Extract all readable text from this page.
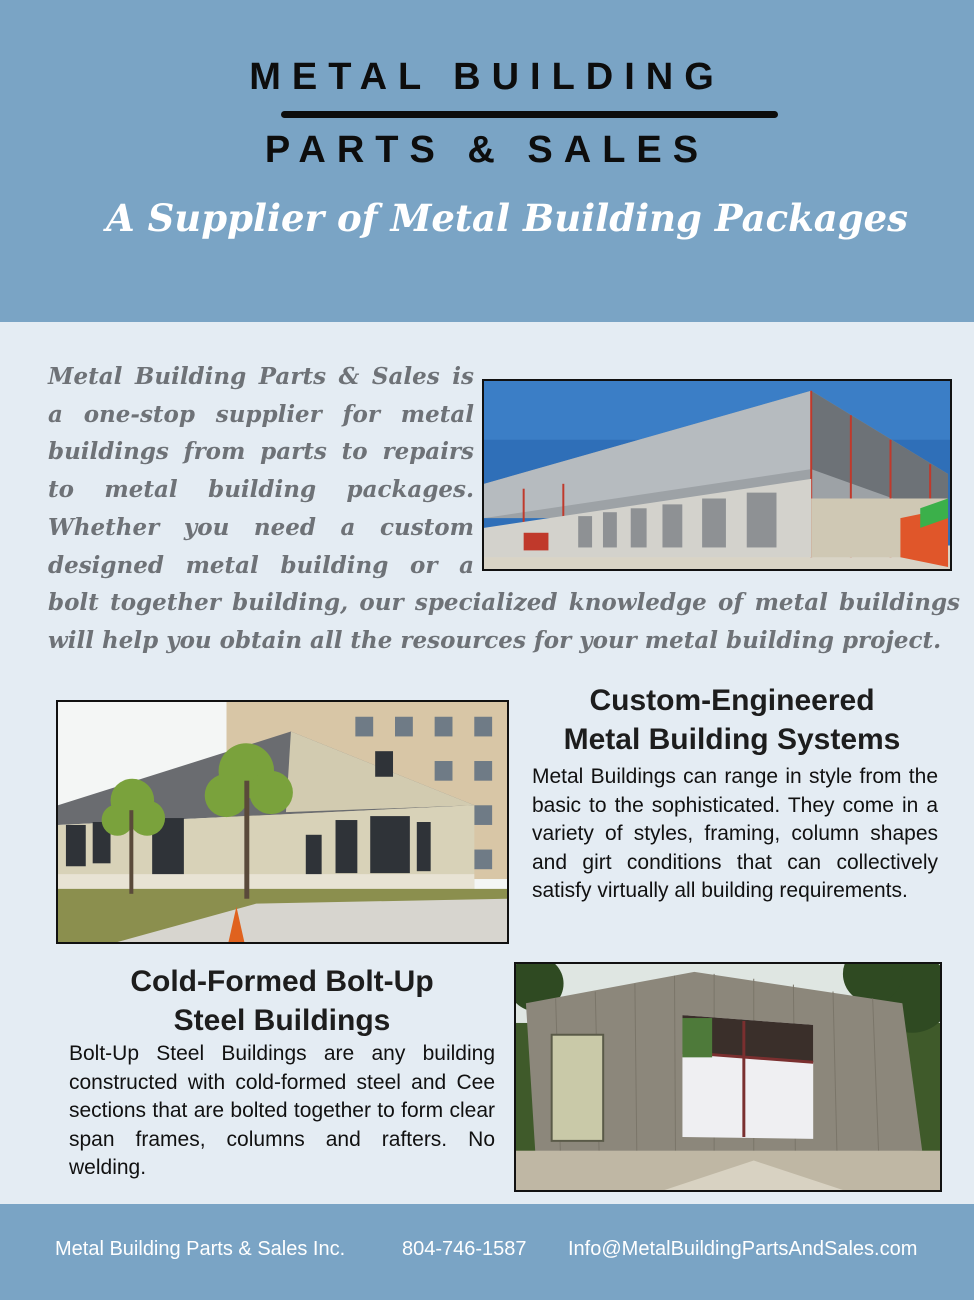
METAL BUILDING
PARTS & SALES
A Supplier of Metal Building Packages
Metal Building Parts & Sales is a one-stop supplier for metal buildings from parts to repairs to metal building packages. Whether you need a custom designed metal building or a bolt together building, our specialized knowledge of metal buildings will help you obtain all the resources for your metal building project.
Custom-Engineered
Metal Building Systems
Metal Buildings can range in style from the basic to the sophisticated. They come in a variety of styles, framing, column shapes and girt conditions that can collectively satisfy virtually all building requirements.
Cold-Formed Bolt-Up
Steel Buildings
Bolt-Up Steel Buildings are any building constructed with cold-formed steel and Cee sections that are bolted together to form clear span frames, columns and rafters. No welding.
Metal Building Parts & Sales Inc.	804-746-1587 Info@MetalBuildingPartsAndSales.com
